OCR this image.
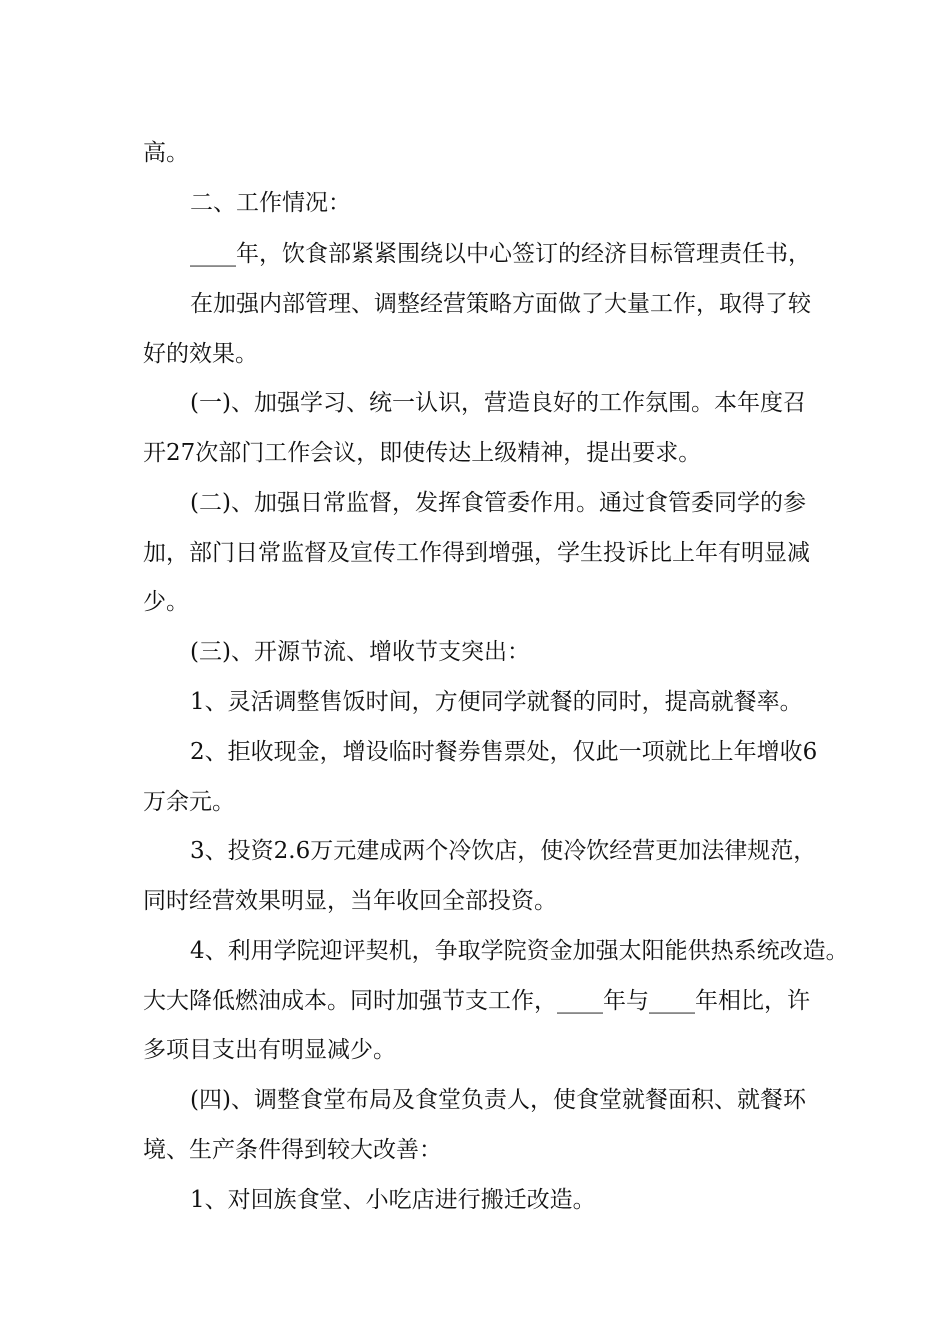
高。
二、工作情况：
____年，饮食部紧紧围绕以中心签订的经济目标管理责任书，
在加强内部管理、调整经营策略方面做了大量工作，取得了较
好的效果。
(一)、加强学习、统一认识，营造良好的工作氛围。本年度召
开27次部门工作会议，即使传达上级精神，提出要求。
(二)、加强日常监督，发挥食管委作用。通过食管委同学的参
加，部门日常监督及宣传工作得到增强，学生投诉比上年有明显减
少。
(三)、开源节流、增收节支突出：
1、灵活调整售饭时间，方便同学就餐的同时，提高就餐率。
2、拒收现金，增设临时餐券售票处，仅此一项就比上年增收6
万余元。
3、投资2.6万元建成两个冷饮店，使冷饮经营更加法律规范，
同时经营效果明显，当年收回全部投资。
4、利用学院迎评契机，争取学院资金加强太阳能供热系统改造。
大大降低燃油成本。同时加强节支工作，____年与____年相比，许
多项目支出有明显减少。
(四)、调整食堂布局及食堂负责人，使食堂就餐面积、就餐环
境、生产条件得到较大改善：
1、对回族食堂、小吃店进行搬迁改造。
